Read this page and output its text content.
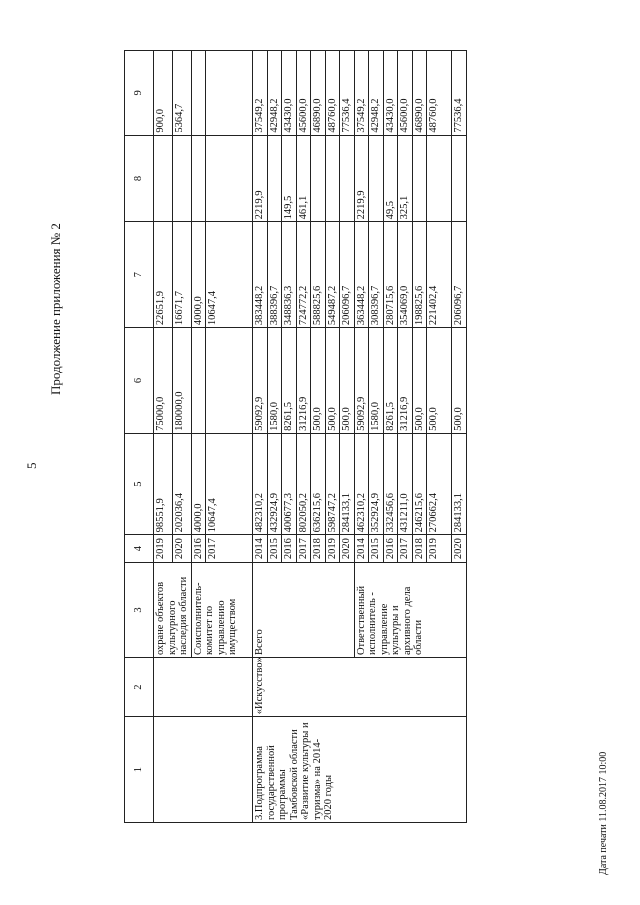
5
Продолжение приложения № 2
1	2	3	4	5	6	7	8	9
		охране объектов культурного наследия области	2019	98551,9	75000,0	22651,9		900,0
			2020	202036,4	180000,0	16671,7		5364,7
		Соисполнитель-комитет по управлению имуществом	2016	4000,0		4000,0		
			2017	10647,4		10647,4		
3.Подпрограмма государственной программы Тамбовской области «Развитие культуры и туризма» на 2014-2020 годы	«Искусство»	Всего	2014	482310,2	59092,9	383448,2	2219,9	37549,2
			2015	432924,9	1580,0	388396,7		42948,2
			2016	400677,3	8261,5	348836,3	149,5	43430,0
			2017	802050,2	31216,9	724772,2	461,1	45600,0
			2018	636215,6	500,0	588825,6		46890,0
			2019	598747,2	500,0	549487,2		48760,0
			2020	284133,1	500,0	206096,7		77536,4
		Ответственный исполнитель - управление культуры и архивного дела области	2014	462310,2	59092,9	363448,2	2219,9	37549,2
			2015	352924,9	1580,0	308396,7		42948,2
			2016	332456,6	8261,5	280715,6	49,5	43430,0
			2017	431211,0	31216,9	354069,0	325,1	45600,0
			2018	246215,6	500,0	198825,6		46890,0
			2019	270662,4	500,0	221402,4		48760,0
			2020	284133,1	500,0	206096,7		77536,4
Дата печати 11.08.2017 10:00
